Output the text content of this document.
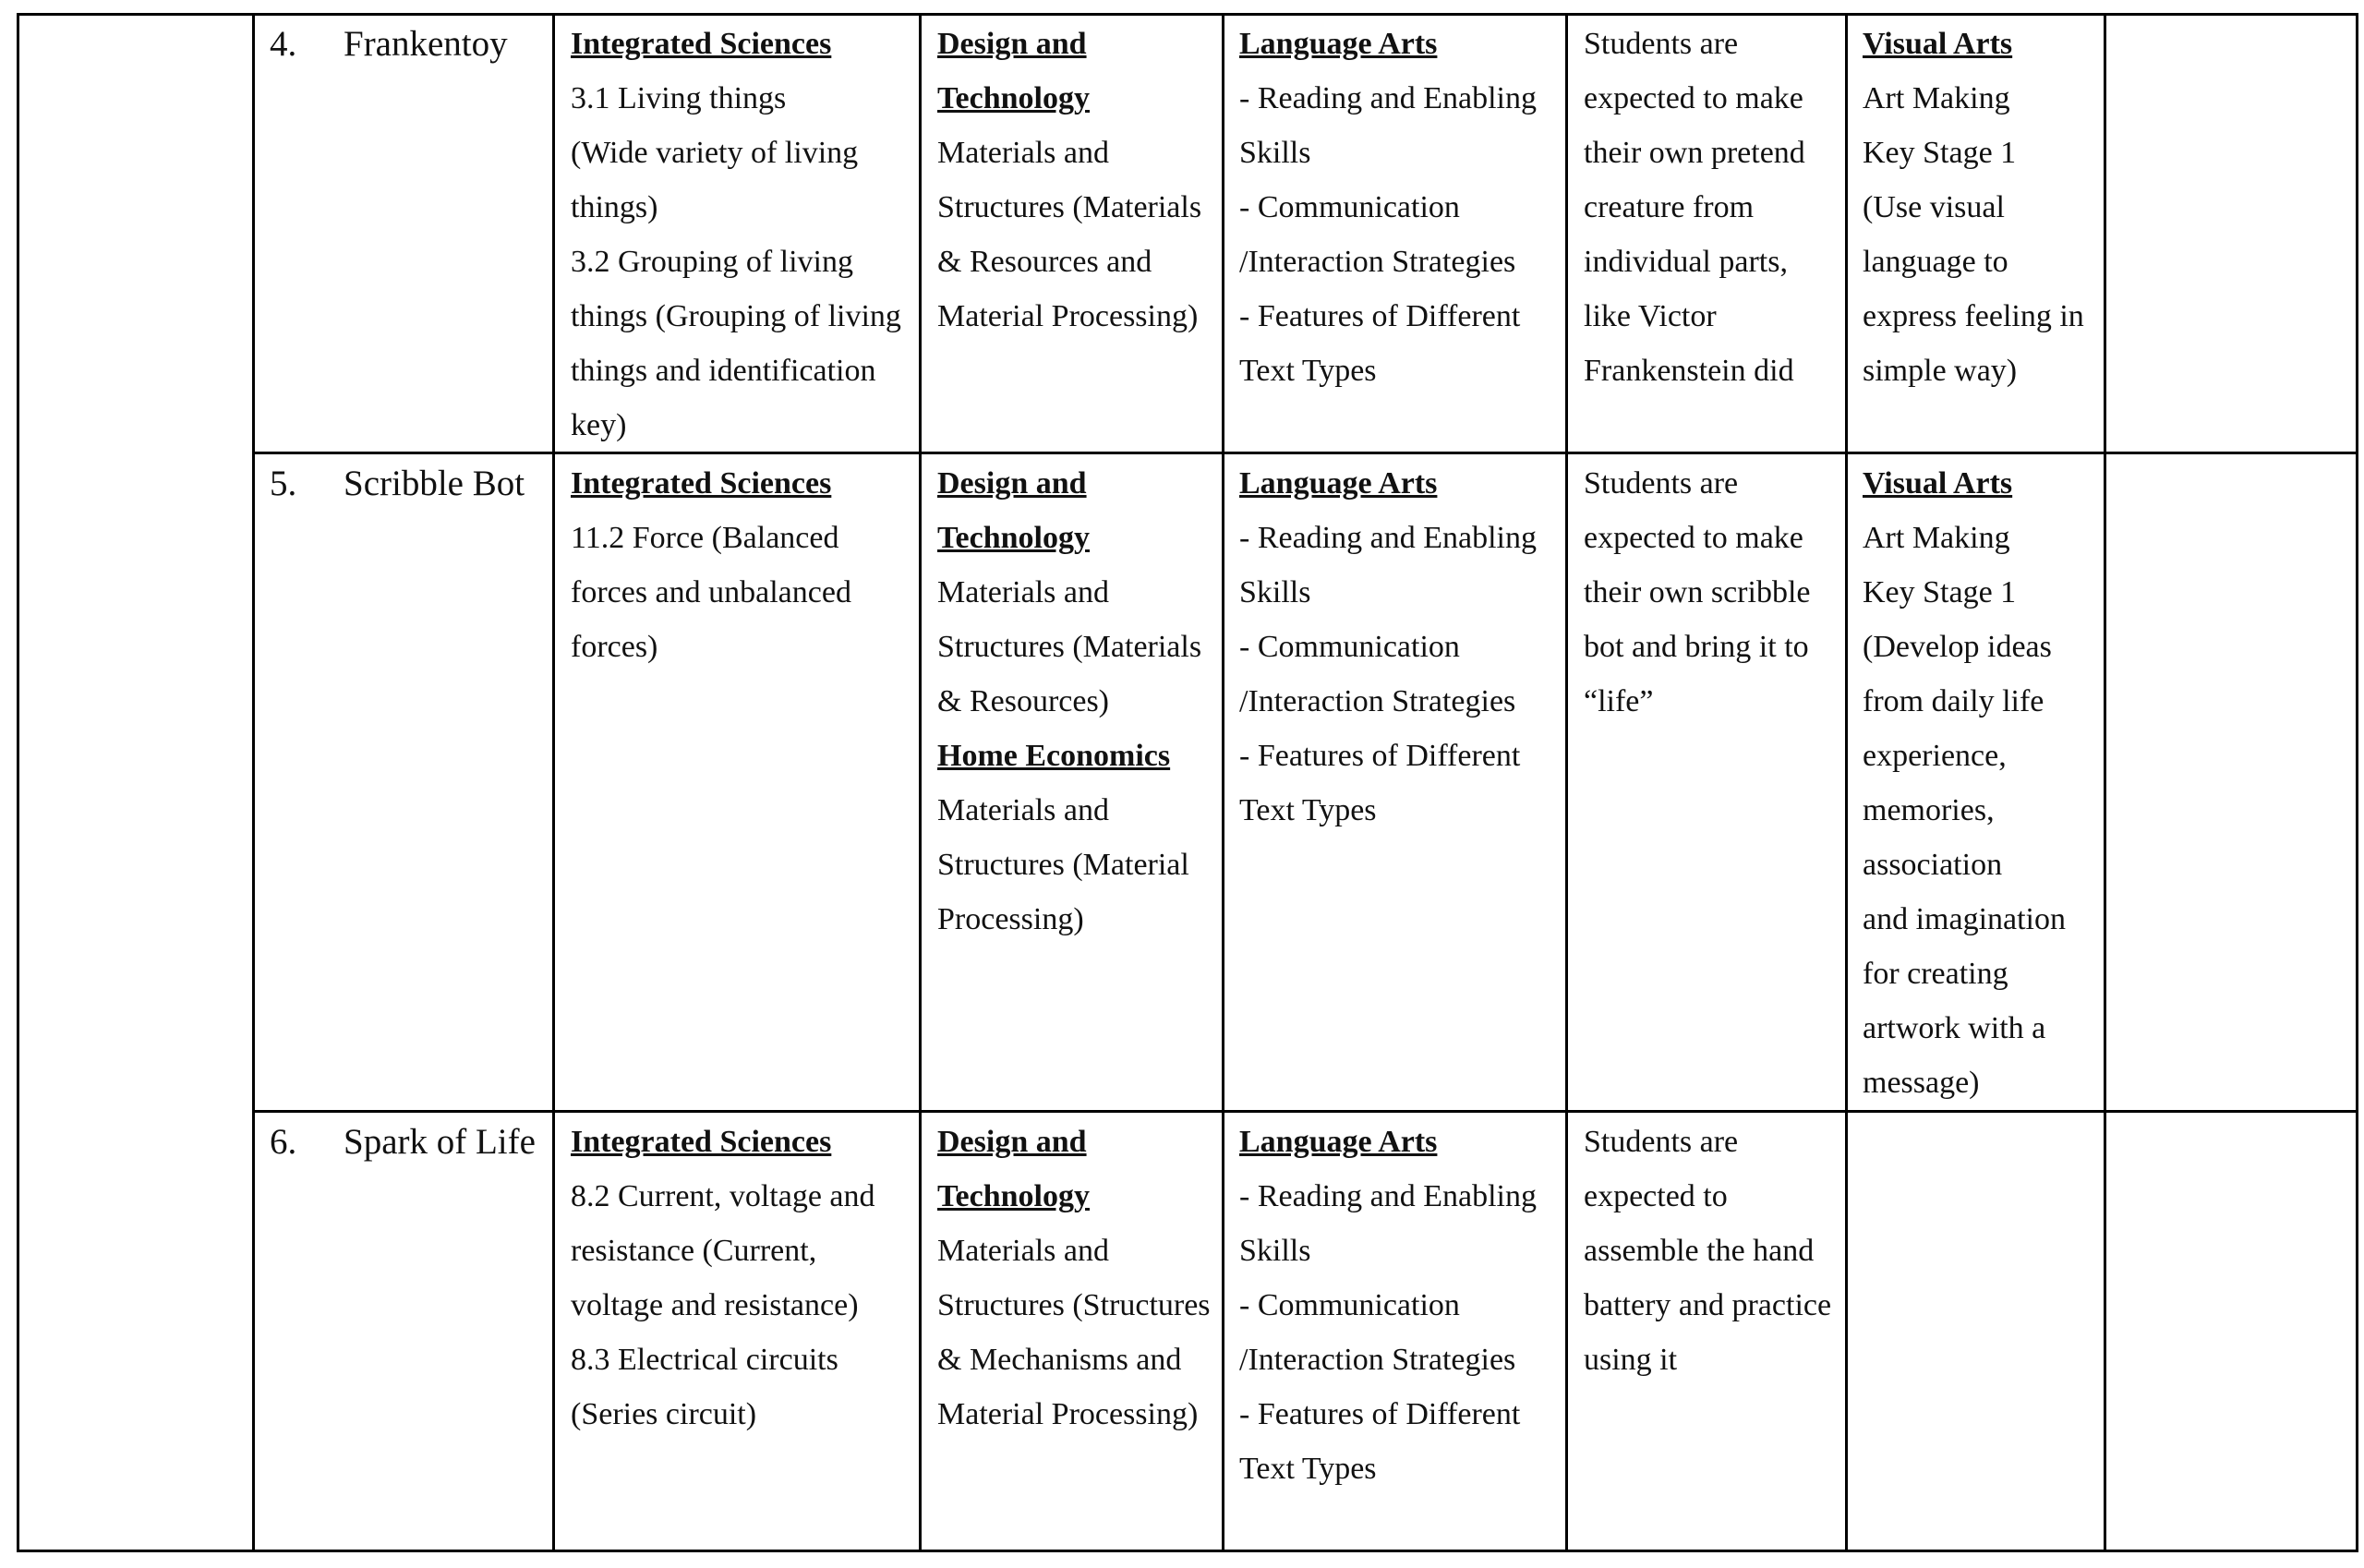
4. Frankentoy Integrated Sciences
3.1 Living things
(Wide variety of living
things)
3.2 Grouping of living
things (Grouping of living
things and identification
key)
Design and
Technology
Materials and
Structures (Materials
& Resources and
Material Processing)
Language Arts
- Reading and Enabling
Skills
- Communication
/Interaction Strategies
- Features of Different
Text Types
Students are
expected to make
their own pretend
creature from
individual parts,
like Victor
Frankenstein did
Visual Arts
Art Making
Key Stage 1
(Use visual
language to
express feeling in
simple way)
5. Scribble Bot Integrated Sciences
11.2 Force (Balanced
forces and unbalanced
forces)
Design and
Technology
Materials and
Structures (Materials
& Resources)
Home Economics
Materials and
Structures (Material
Processing)
Language Arts
- Reading and Enabling
Skills
- Communication
/Interaction Strategies
- Features of Different
Text Types
Students are
expected to make
their own scribble
bot and bring it to
“life”
Visual Arts
Art Making
Key Stage 1
(Develop ideas
from daily life
experience,
memories,
association
and imagination
for creating
artwork with a
message)
6. Spark of Life Integrated Sciences
8.2 Current, voltage and
resistance (Current,
voltage and resistance)
8.3 Electrical circuits
(Series circuit)
Design and
Technology
Materials and
Structures (Structures
& Mechanisms and
Material Processing)
Language Arts
- Reading and Enabling
Skills
- Communication
/Interaction Strategies
- Features of Different
Text Types
Students are
expected to
assemble the hand
battery and practice
using it
